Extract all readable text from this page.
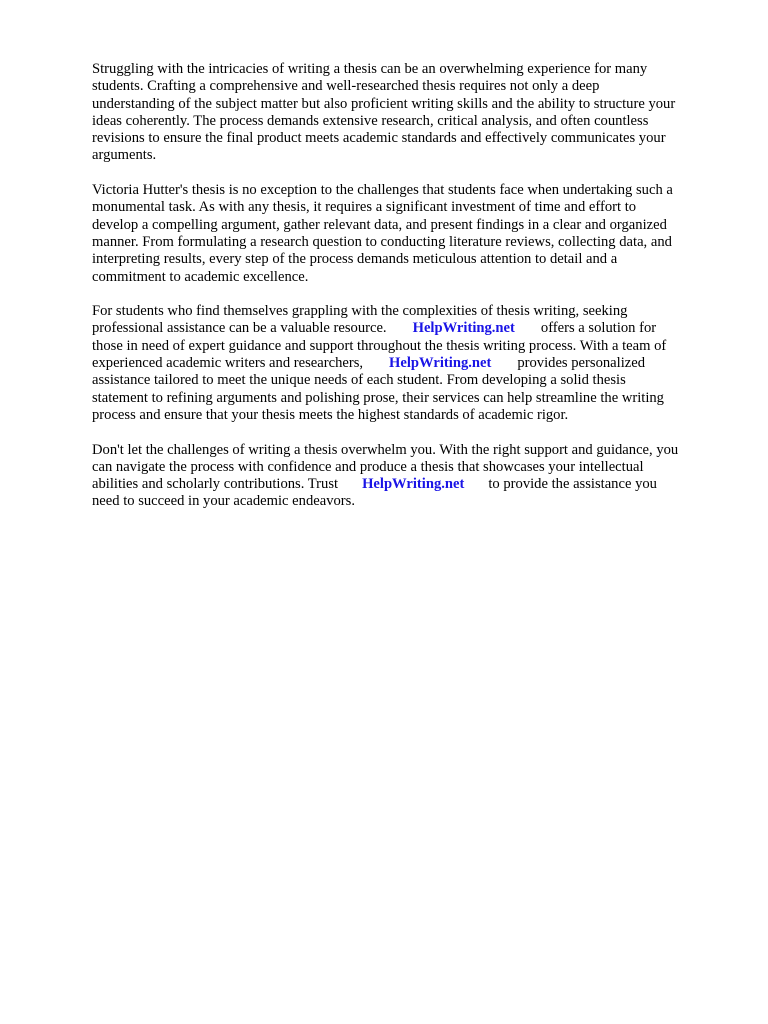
Struggling with the intricacies of writing a thesis can be an overwhelming experience for many
students. Crafting a comprehensive and well-researched thesis requires not only a deep
understanding of the subject matter but also proficient writing skills and the ability to structure your
ideas coherently. The process demands extensive research, critical analysis, and often countless
revisions to ensure the final product meets academic standards and effectively communicates your
arguments.

Victoria Hutter's thesis is no exception to the challenges that students face when undertaking such a
monumental task. As with any thesis, it requires a significant investment of time and effort to
develop a compelling argument, gather relevant data, and present findings in a clear and organized
manner. From formulating a research question to conducting literature reviews, collecting data, and
interpreting results, every step of the process demands meticulous attention to detail and a
commitment to academic excellence.

For students who find themselves grappling with the complexities of thesis writing, seeking
professional assistance can be a valuable resource. HelpWriting.net offers a solution for
those in need of expert guidance and support throughout the thesis writing process. With a team of
experienced academic writers and researchers, HelpWriting.net provides personalized
assistance tailored to meet the unique needs of each student. From developing a solid thesis
statement to refining arguments and polishing prose, their services can help streamline the writing
process and ensure that your thesis meets the highest standards of academic rigor.

Don't let the challenges of writing a thesis overwhelm you. With the right support and guidance, you
can navigate the process with confidence and produce a thesis that showcases your intellectual
abilities and scholarly contributions. Trust HelpWriting.net to provide the assistance you
need to succeed in your academic endeavors.
